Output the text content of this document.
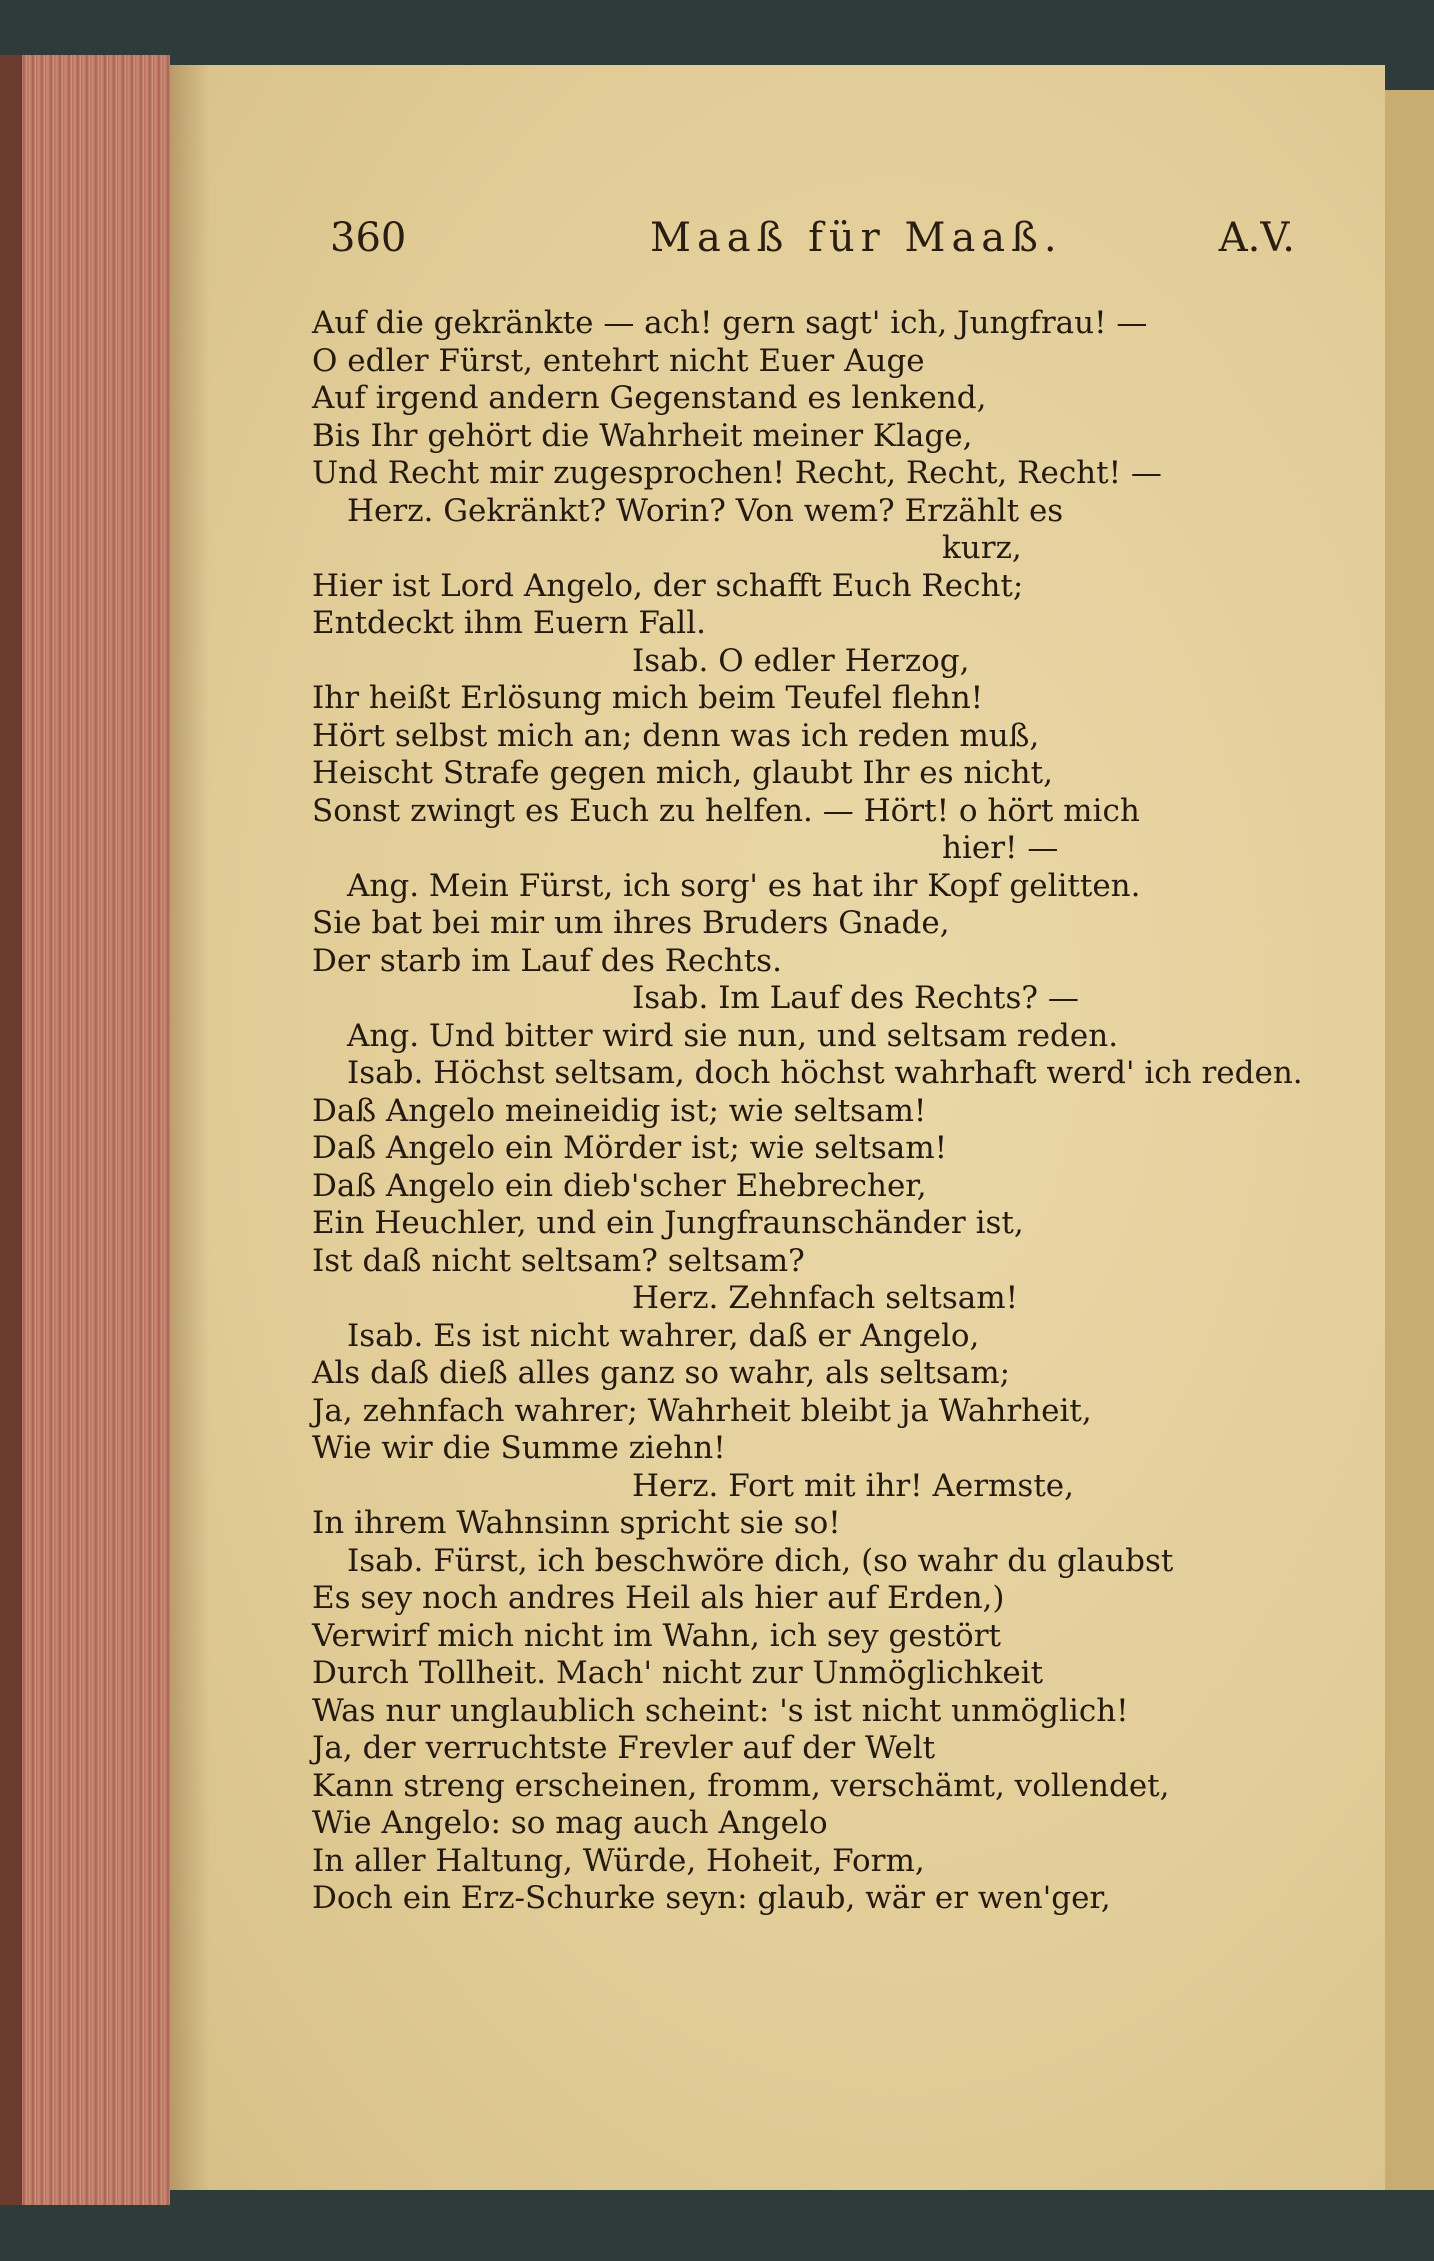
360	Maaß für Maaß.	A.V.
Auf die gekränkte — ach! gern sagt' ich, Jungfrau! —
O edler Fürst, entehrt nicht Euer Auge
Auf irgend andern Gegenstand es lenkend,
Bis Ihr gehört die Wahrheit meiner Klage,
Und Recht mir zugesprochen! Recht, Recht, Recht! —
Herz. Gekränkt? Worin? Von wem? Erzählt es
kurz,
Hier ist Lord Angelo, der schafft Euch Recht;
Entdeckt ihm Euern Fall.
Isab. O edler Herzog,
Ihr heißt Erlösung mich beim Teufel flehn!
Hört selbst mich an; denn was ich reden muß,
Heischt Strafe gegen mich, glaubt Ihr es nicht,
Sonst zwingt es Euch zu helfen. — Hört! o hört mich
hier! —
Ang. Mein Fürst, ich sorg' es hat ihr Kopf gelitten.
Sie bat bei mir um ihres Bruders Gnade,
Der starb im Lauf des Rechts.
Isab. Im Lauf des Rechts? —
Ang. Und bitter wird sie nun, und seltsam reden.
Isab. Höchst seltsam, doch höchst wahrhaft werd' ich reden.
Daß Angelo meineidig ist; wie seltsam!
Daß Angelo ein Mörder ist; wie seltsam!
Daß Angelo ein dieb'scher Ehebrecher,
Ein Heuchler, und ein Jungfraunschänder ist,
Ist daß nicht seltsam? seltsam?
Herz. Zehnfach seltsam!
Isab. Es ist nicht wahrer, daß er Angelo,
Als daß dieß alles ganz so wahr, als seltsam;
Ja, zehnfach wahrer; Wahrheit bleibt ja Wahrheit,
Wie wir die Summe ziehn!
Herz. Fort mit ihr! Aermste,
In ihrem Wahnsinn spricht sie so!
Isab. Fürst, ich beschwöre dich, (so wahr du glaubst
Es sey noch andres Heil als hier auf Erden,)
Verwirf mich nicht im Wahn, ich sey gestört
Durch Tollheit. Mach' nicht zur Unmöglichkeit
Was nur unglaublich scheint: 's ist nicht unmöglich!
Ja, der verruchtste Frevler auf der Welt
Kann streng erscheinen, fromm, verschämt, vollendet,
Wie Angelo: so mag auch Angelo
In aller Haltung, Würde, Hoheit, Form,
Doch ein Erz-Schurke seyn: glaub, wär er wen'ger,
